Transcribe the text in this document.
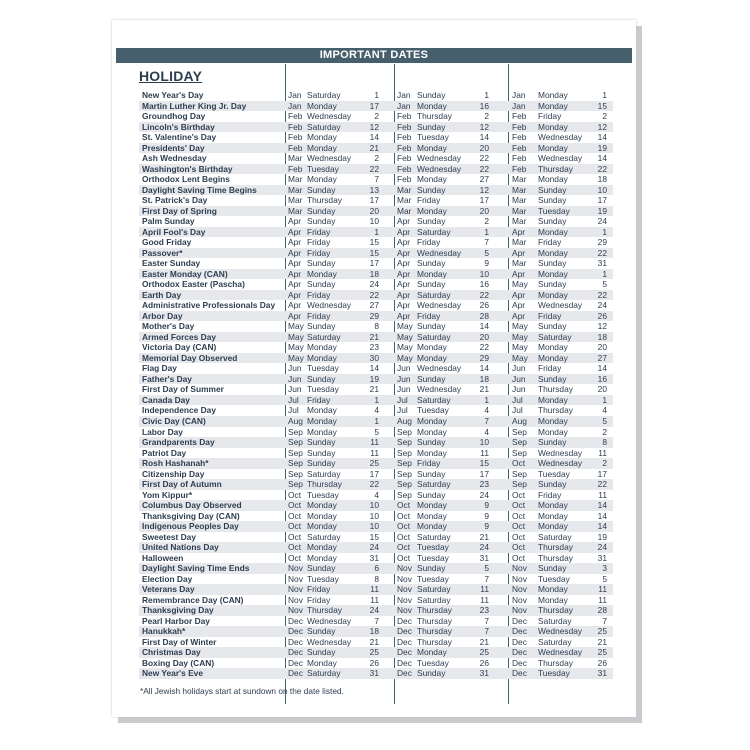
IMPORTANT DATES
HOLIDAY
New Year's Day	Jan Saturday	1 Jan Sunday	1	Jan	Monday	1
Martin Luther King Jr. Day	Jan Monday	17 Jan Monday	16	Jan	Monday	15
Groundhog Day	Feb Wednesday	2 Feb Thursday	2	Feb	Friday	2
Lincoln's Birthday	Feb Saturday	12 Feb Sunday	12	Feb	Monday	12
St. Valentine's Day	Feb Monday	14 Feb Tuesday	14	Feb	Wednesday	14
Presidents' Day	Feb Monday	21 Feb Monday	20	Feb	Monday	19
Ash Wednesday	Mar Wednesday	2 Feb Wednesday	22	Feb	Wednesday	14
Washington's Birthday	Feb Tuesday	22 Feb Wednesday	22	Feb	Thursday	22
Orthodox Lent Begins	Mar Monday	7 Feb Monday	27	Mar	Monday	18
Daylight Saving Time Begins	Mar Sunday	13 Mar Sunday	12	Mar	Sunday	10
St. Patrick's Day	Mar Thursday	17 Mar Friday	17	Mar	Sunday	17
First Day of Spring	Mar Sunday	20 Mar Monday	20	Mar	Tuesday	19
Palm Sunday	Apr Sunday	10 Apr Sunday	2	Mar	Sunday	24
April Fool's Day	Apr Friday	1 Apr Saturday	1	Apr	Monday	1
Good Friday	Apr Friday	15 Apr Friday	7	Mar	Friday	29
Passover*	Apr Friday	15 Apr Wednesday	5	Apr	Monday	22
Easter Sunday	Apr Sunday	17 Apr Sunday	9	Mar	Sunday	31
Easter Monday (CAN)	Apr Monday	18 Apr Monday	10	Apr	Monday	1
Orthodox Easter (Pascha)	Apr Sunday	24 Apr Sunday	16	May	Sunday	5
Earth Day	Apr Friday	22 Apr Saturday	22	Apr	Monday	22
Administrative Professionals Day Apr Wednesday	27 Apr Wednesday	26	Apr	Wednesday	24
Arbor Day	Apr Friday	29 Apr Friday	28	Apr	Friday	26
Mother's Day	May Sunday	8 May Sunday	14	May	Sunday	12
Armed Forces Day	May Saturday	21 May Saturday	20	May	Saturday	18
Victoria Day (CAN)	May Monday	23 May Monday	22	May	Monday	20
Memorial Day Observed	May Monday	30 May Monday	29	May	Monday	27
Flag Day	Jun Tuesday	14 Jun Wednesday	14	Jun	Friday	14
Father's Day	Jun Sunday	19 Jun Sunday	18	Jun	Sunday	16
First Day of Summer	Jun Tuesday	21 Jun Wednesday	21	Jun	Thursday	20
Canada Day	Jul Friday	1 Jul	Saturday	1	Jul	Monday	1
Independence Day	Jul Monday	4 Jul	Tuesday	4	Jul	Thursday	4
Civic Day (CAN)	Aug Monday	1 Aug Monday	7	Aug	Monday	5
Labor Day	Sep Monday	5 Sep Monday	4	Sep	Monday	2
Grandparents Day	Sep Sunday	11 Sep Sunday	10	Sep	Sunday	8
Patriot Day	Sep Sunday	11 Sep Monday	11	Sep	Wednesday	11
Rosh Hashanah*	Sep Sunday	25 Sep Friday	15	Oct	Wednesday	2
Citizenship Day	Sep Saturday	17 Sep Sunday	17	Sep	Tuesday	17
First Day of Autumn	Sep Thursday	22 Sep Saturday	23	Sep	Sunday	22
Yom Kippur*	Oct Tuesday	4 Sep Sunday	24	Oct	Friday	11
Columbus Day Observed	Oct Monday	10 Oct Monday	9	Oct	Monday	14
Thanksgiving Day (CAN)	Oct Monday	10 Oct Monday	9	Oct	Monday	14
Indigenous Peoples Day	Oct Monday	10 Oct Monday	9	Oct	Monday	14
Sweetest Day	Oct Saturday	15 Oct Saturday	21	Oct	Saturday	19
United Nations Day	Oct Monday	24 Oct Tuesday	24	Oct	Thursday	24
Halloween	Oct Monday	31 Oct Tuesday	31	Oct	Thursday	31
Daylight Saving Time Ends	Nov Sunday	6 Nov Sunday	5	Nov	Sunday	3
Election Day	Nov Tuesday	8 Nov Tuesday	7	Nov	Tuesday	5
Veterans Day	Nov Friday	11 Nov Saturday	11	Nov	Monday	11
Remembrance Day (CAN)	Nov Friday	11 Nov Saturday	11	Nov	Monday	11
Thanksgiving Day	Nov Thursday	24 Nov Thursday	23	Nov	Thursday	28
Pearl Harbor Day	Dec Wednesday	7 Dec Thursday	7	Dec	Saturday	7
Hanukkah*	Dec Sunday	18 Dec Thursday	7	Dec	Wednesday	25
First Day of Winter	Dec Wednesday	21 Dec Thursday	21	Dec	Saturday	21
Christmas Day	Dec Sunday	25 Dec Monday	25	Dec	Wednesday	25
Boxing Day (CAN)	Dec Monday	26 Dec Tuesday	26	Dec	Thursday	26
New Year's Eve	Dec Saturday	31 Dec Sunday	31	Dec	Tuesday	31
*All Jewish holidays start at sundown on the date listed.
